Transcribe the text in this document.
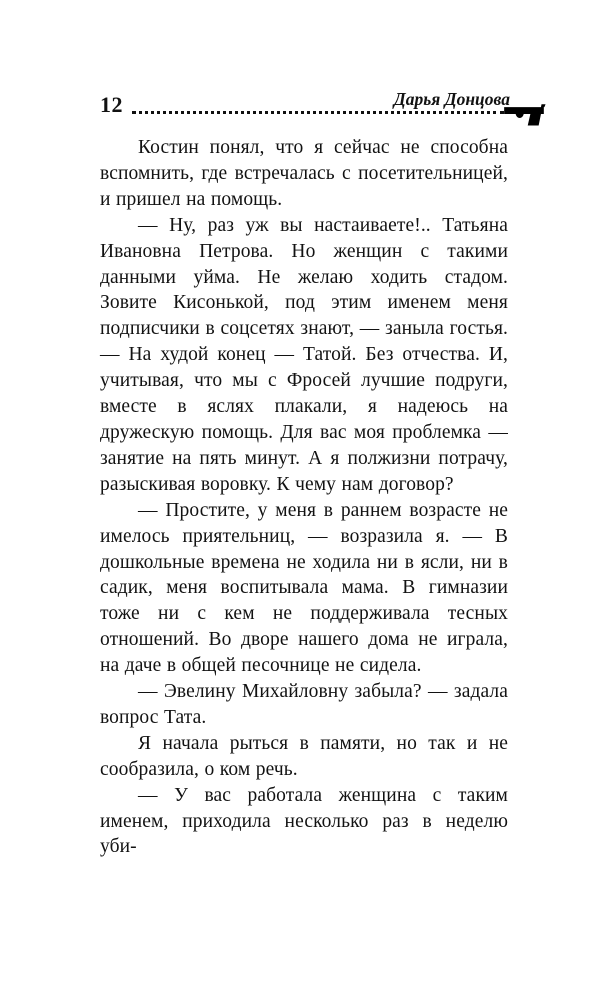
12	Дарья Донцова

Костин понял, что я сейчас не способна вспомнить, где встречалась с посетительницей, и пришел на помощь.

— Ну, раз уж вы настаиваете!.. Татьяна Ивановна Петрова. Но женщин с такими данными уйма. Не желаю ходить стадом. Зовите Кисонькой, под этим именем меня подписчики в соцсетях знают, — заныла гостья. — На худой конец — Татой. Без отчества. И, учитывая, что мы с Фросей лучшие подруги, вместе в яслях плакали, я надеюсь на дружескую помощь. Для вас моя проблемка — занятие на пять минут. А я полжизни потрачу, разыскивая воровку. К чему нам договор?

— Простите, у меня в раннем возрасте не имелось приятельниц, — возразила я. — В дошкольные времена не ходила ни в ясли, ни в садик, меня воспитывала мама. В гимназии тоже ни с кем не поддерживала тесных отношений. Во дворе нашего дома не играла, на даче в общей песочнице не сидела.

— Эвелину Михайловну забыла? — задала вопрос Тата.

Я начала рыться в памяти, но так и не сообразила, о ком речь.

— У вас работала женщина с таким именем, приходила несколько раз в неделю уби-
